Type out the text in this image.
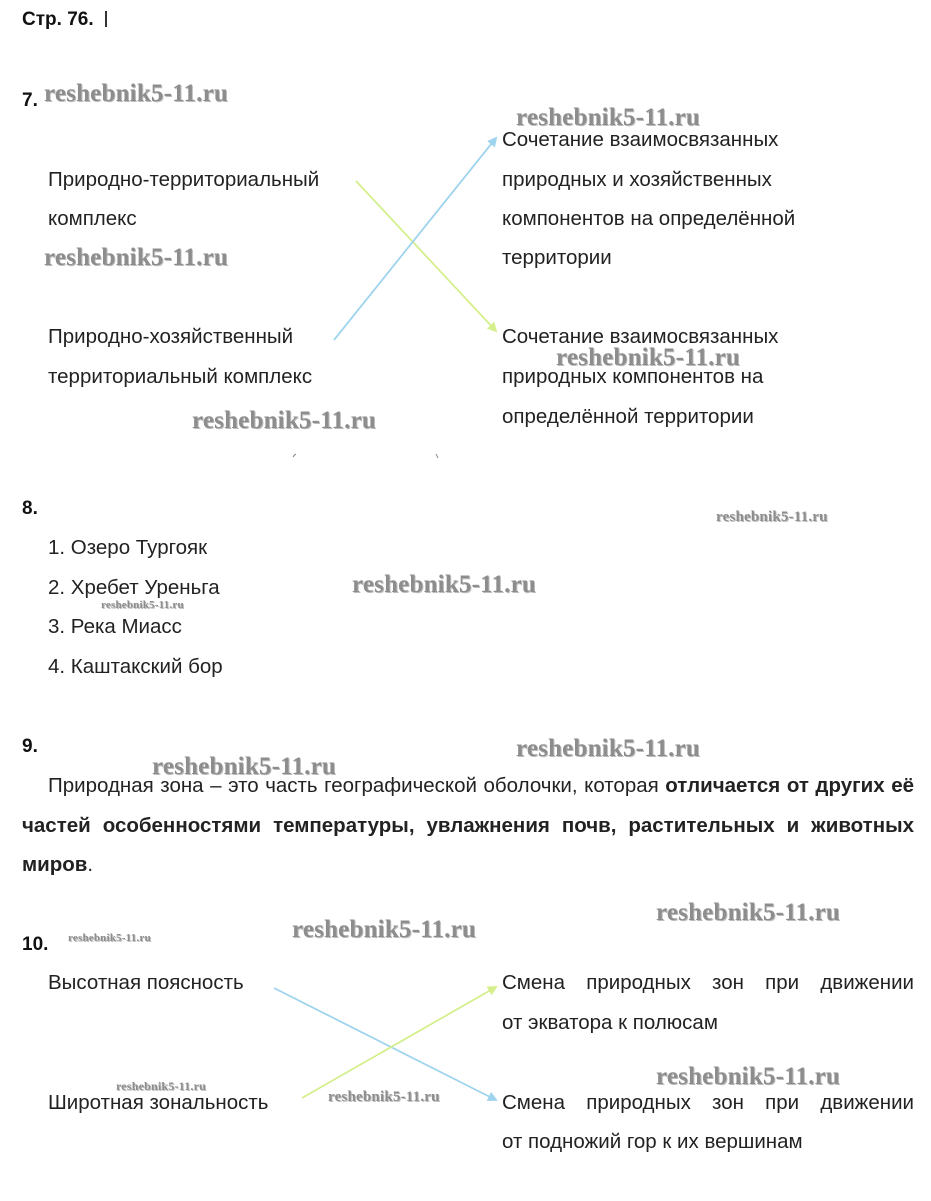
Стр. 76.
7.
Природно-территориальный
комплекс
Природно-хозяйственный
территориальный комплекс
Сочетание взаимосвязанных
природных и хозяйственных
компонентов на определённой
территории
Сочетание взаимосвязанных
природных компонентов на
определённой территории
8.
1. Озеро Тургояк
2. Хребет Уреньга
3. Река Миасс
4. Каштакский бор
9.
Природная зона – это часть географической оболочки, которая отличается от других её частей особенностями температуры, увлажнения почв, растительных и животных миров.
10.
Высотная поясность
Широтная зональность
Смена природных зон при движении
от экватора к полюсам
Смена природных зон при движении
от подножий гор к их вершинам
reshebnik5-11.ru
reshebnik5-11.ru
reshebnik5-11.ru
reshebnik5-11.ru
reshebnik5-11.ru
reshebnik5-11.ru
reshebnik5-11.ru
reshebnik5-11.ru
reshebnik5-11.ru
reshebnik5-11.ru
reshebnik5-11.ru
reshebnik5-11.ru
reshebnik5-11.ru
reshebnik5-11.ru
reshebnik5-11.ru
reshebnik5-11.ru
